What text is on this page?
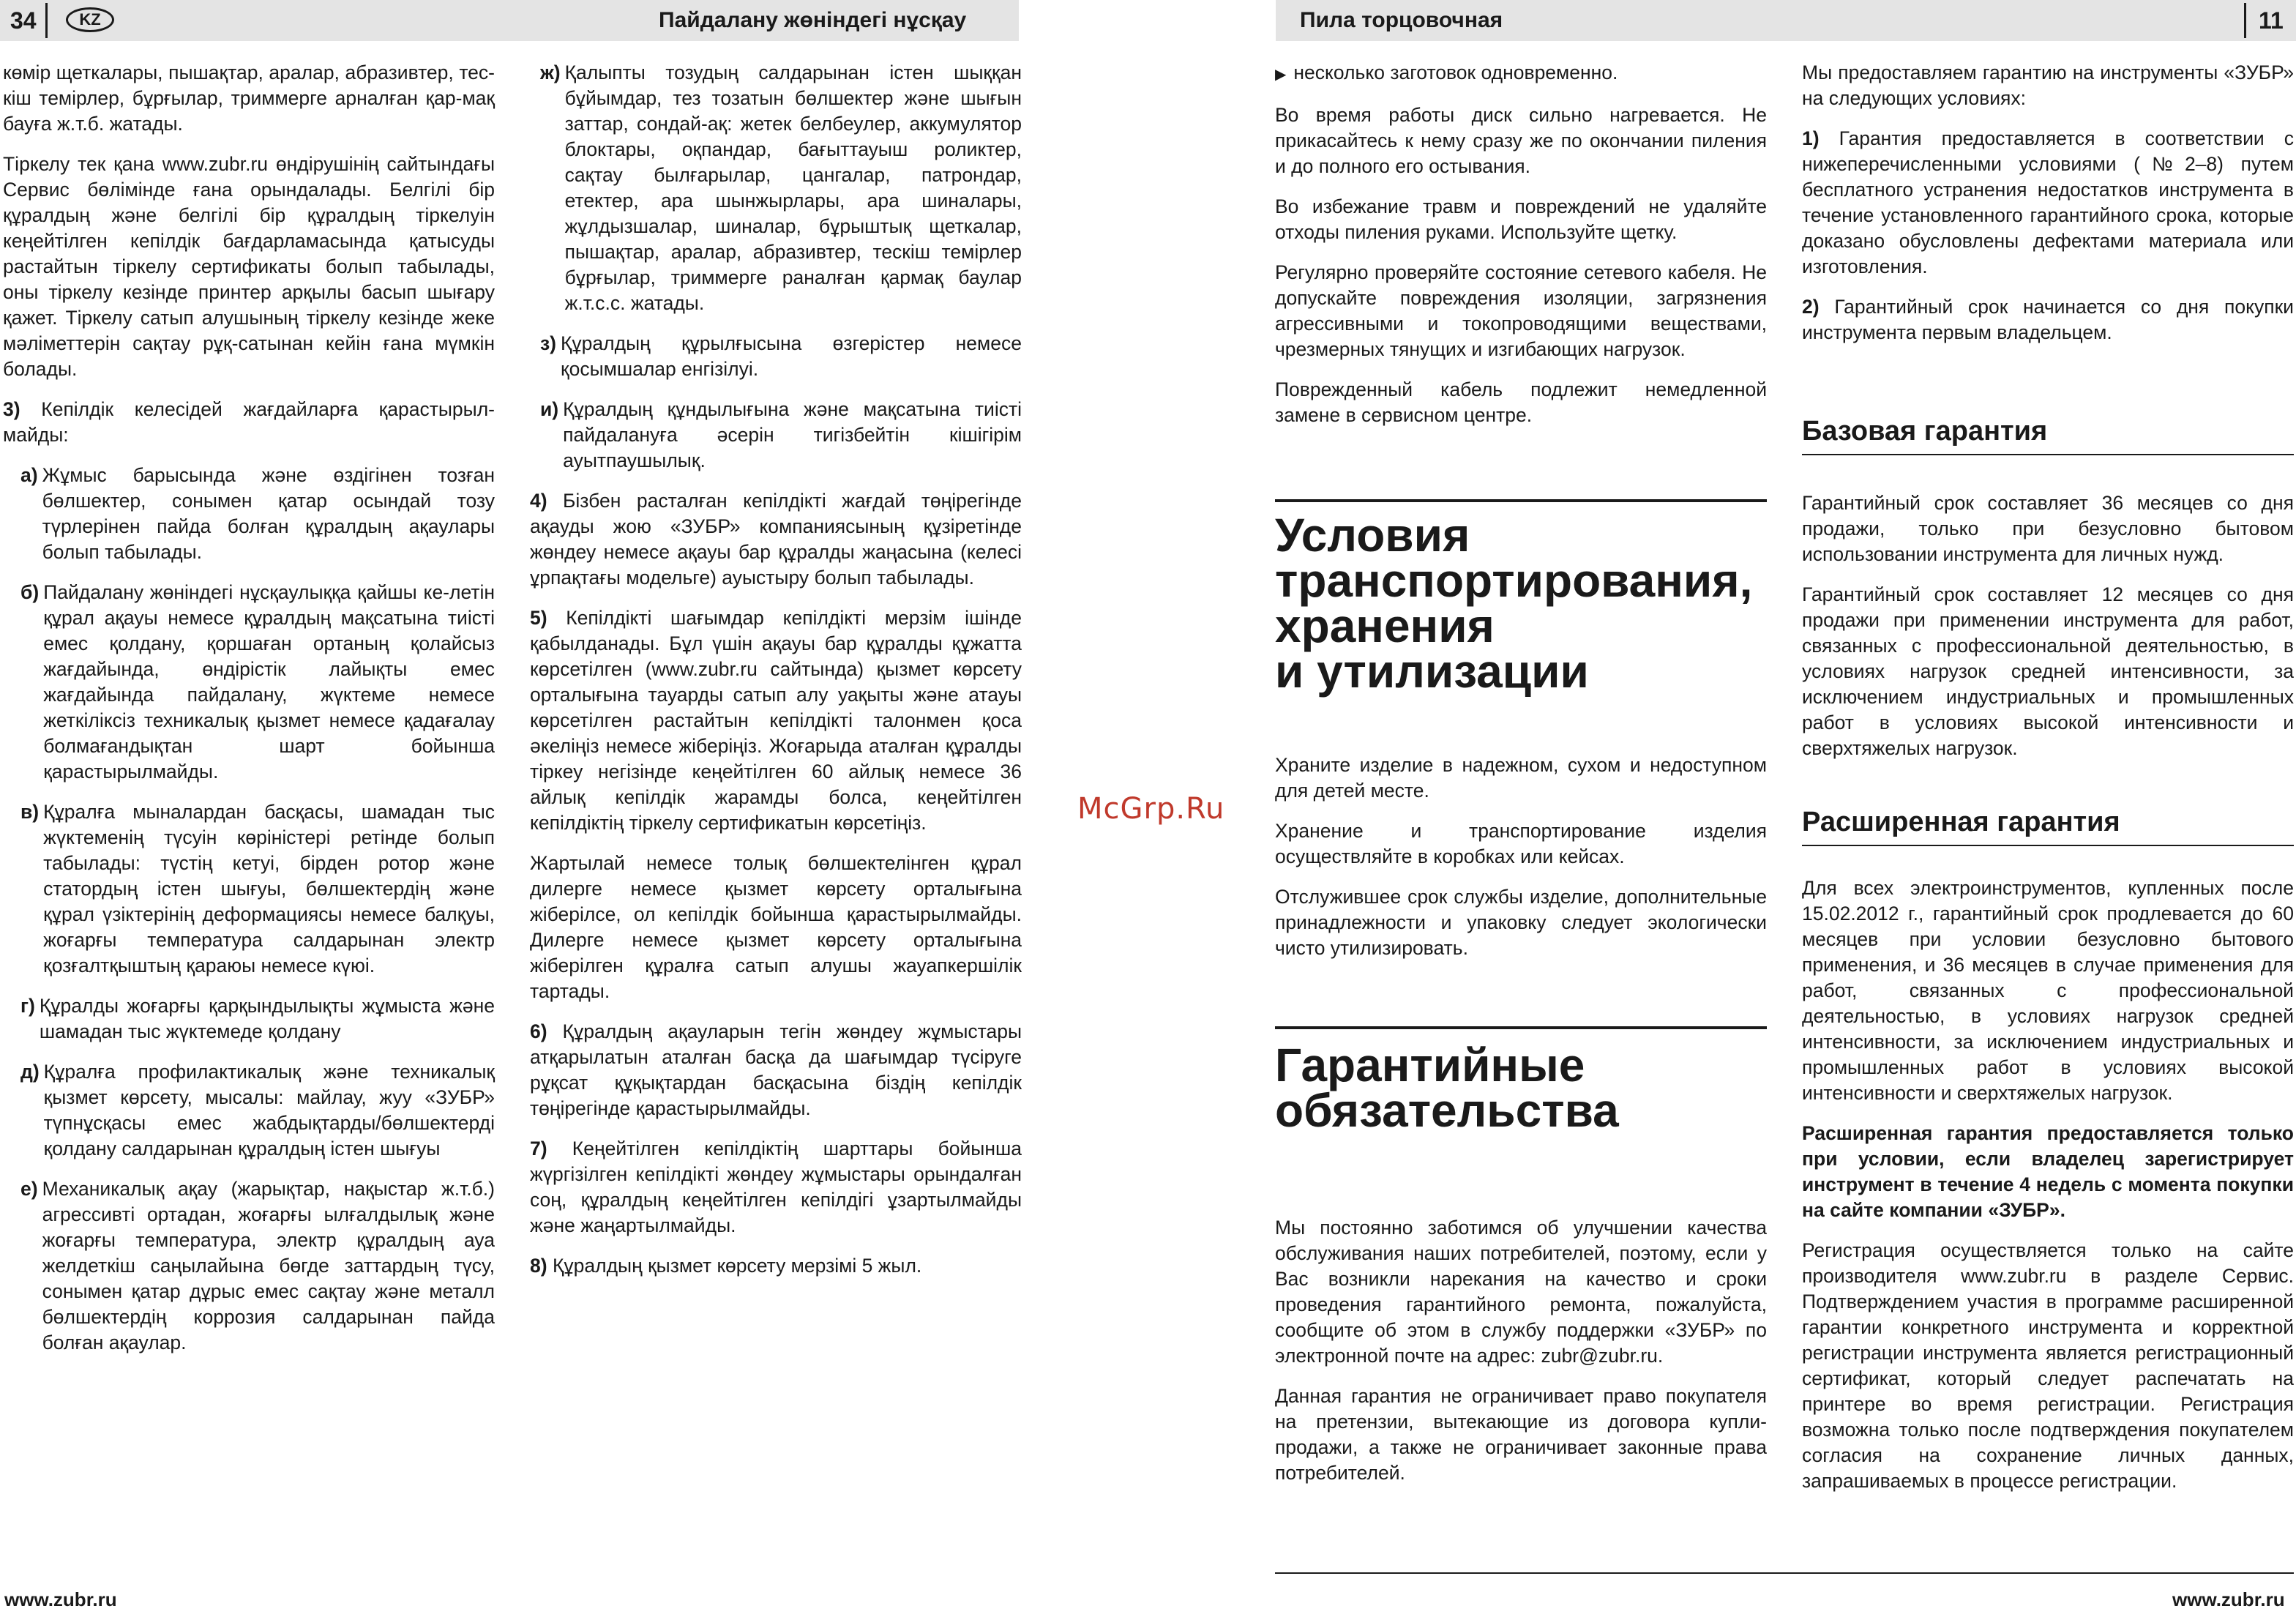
34	KZ	Пайдалану жөніндегі нұсқау

көмір щеткалары, пышақтар, аралар, абразивтер, тес-кіш темірлер, бұрғылар, триммерге арналған қар-мақ бауға ж.т.б. жатады.

Тіркелу тек қана www.zubr.ru өндірушінің сайтындағы Сервис бөлімінде ғана орындалады. Белгілі бір құралдың және белгілі бір құралдың тіркелуін кеңейтілген кепілдік бағдарламасында қатысуды растайтын тіркелу сертификаты болып табылады, оны тіркелу кезінде принтер арқылы басып шығару қажет. Тіркелу сатып алушының тіркелу кезінде жеке мәліметтерін сақтау рұқ-сатынан кейін ғана мүмкін болады.

3) Кепілдік келесідей жағдайларға қарастырыл-майды:

а) Жұмыс барысында және өздігінен тозған бөлшектер, сонымен қатар осындай тозу түрлерінен пайда болған құралдың ақаулары болып табылады.
б) Пайдалану жөніндегі нұсқаулыққа қайшы ке-летін құрал ақауы немесе құралдың мақсатына тиісті емес қолдану, қоршаған ортаның қолайсыз жағдайында, өндірістік лайықты емес жағдайында пайдалану, жүктеме немесе жеткіліксіз техникалық қызмет немесе қадағалау болмағандықтан шарт бойынша қарастырылмайды.
в) Құралға мыналардан басқасы, шамадан тыс жүктеменің түсуін көріністері ретінде болып табылады: түстің кетуі, бірден ротор және статордың істен шығуы, бөлшектердің және құрал үзіктерінің деформациясы немесе балқуы, жоғарғы температура салдарынан электр қозғалтқыштың қараюы немесе күюі.
г) Құралды жоғарғы қарқындылықты жұмыста және шамадан тыс жүктемеде қолдану
д) Құралға профилактикалық және техникалық қызмет көрсету, мысалы: майлау, жуу «ЗУБР» түпнұсқасы емес жабдықтарды/бөлшектерді қолдану салдарынан құралдың істен шығуы
е) Механикалық ақау (жарықтар, нақыстар ж.т.б.) агрессивті ортадан, жоғарғы ылғалдылық және жоғарғы температура, электр құралдың ауа желдеткіш саңылайына бөгде заттардың түсу, сонымен қатар дұрыс емес сақтау және металл бөлшектердің коррозия салдарынан пайда болған ақаулар.
ж) Қалыпты тозудың салдарынан істен шыққан бұйымдар, тез тозатын бөлшектер және шығын заттар, сондай-ақ: жетек белбеулер, аккумулятор блоктары, оқпандар, бағыттауыш роликтер, сақтау былғарылар, цангалар, патрондар, етектер, ара шынжырлары, ара шиналары, жұлдызшалар, шиналар, бұрыштық щеткалар, пышақтар, аралар, абразивтер, тескіш темірлер бұрғылар, триммерге раналған қармақ баулар ж.т.с.с. жатады.
з) Құралдың құрылғысына өзгерістер немесе қосымшалар енгізілуі.
и) Құралдың құндылығына және мақсатына тиісті пайдалануға әсерін тигізбейтін кішігірім ауытпаушылық.

4) Бізбен расталған кепілдікті жағдай төңірегінде ақауды жою «ЗУБР» компаниясының құзіретінде жөндеу немесе ақауы бар құралды жаңасына (келесі ұрпақтағы модельге) ауыстыру болып табылады.

5) Кепілдікті шағымдар кепілдікті мерзім ішінде қабылданады. Бұл үшін ақауы бар құралды құжатта көрсетілген (www.zubr.ru сайтында) қызмет көрсету орталығына тауарды сатып алу уақыты және атауы көрсетілген растайтын кепілдікті талонмен қоса әкеліңіз немесе жіберіңіз. Жоғарыда аталған құралды тіркеу негізінде кеңейтілген 60 айлық немесе 36 айлық кепілдік жарамды болса, кеңейтілген кепілдіктің тіркелу сертификатын көрсетіңіз.

Жартылай немесе толық бөлшектелінген құрал дилерге немесе қызмет көрсету орталығына жіберілсе, ол кепілдік бойынша қарастырылмайды. Дилерге немесе қызмет көрсету орталығына жіберілген құралға сатып алушы жауапкершілік тартады.

6) Құралдың ақауларын тегін жөндеу жұмыстары атқарылатын аталған басқа да шағымдар түсіруге рұқсат құқықтардан басқасына біздің кепілдік төңірегінде қарастырылмайды.

7) Кеңейтілген кепілдіктің шарттары бойынша жүргізілген кепілдікті жөндеу жұмыстары орындалған соң, құралдың кеңейтілген кепілдігі ұзартылмайды және жаңартылмайды.

8) Құралдың қызмет көрсету мерзімі 5 жыл.

www.zubr.ru
McGrp.Ru
Пила торцовочная	11

▶ несколько заготовок одновременно.

Во время работы диск сильно нагревается. Не прикасайтесь к нему сразу же по окончании пиления и до полного его остывания.

Во избежание травм и повреждений не удаляйте отходы пиления руками. Используйте щетку.

Регулярно проверяйте состояние сетевого кабеля. Не допускайте повреждения изоляции, загрязнения агрессивными и токопроводящими веществами, чрезмерных тянущих и изгибающих нагрузок.

Поврежденный кабель подлежит немедленной замене в сервисном центре.

Условия
транспортирования,
хранения
и утилизации

Храните изделие в надежном, сухом и недоступном для детей месте.

Хранение и транспортирование изделия осуществляйте в коробках или кейсах.

Отслужившее срок службы изделие, дополнительные принадлежности и упаковку следует экологически чисто утилизировать.

Гарантийные
обязательства

Мы постоянно заботимся об улучшении качества обслуживания наших потребителей, поэтому, если у Вас возникли нарекания на качество и сроки проведения гарантийного ремонта, пожалуйста, сообщите об этом в службу поддержки «ЗУБР» по электронной почте на адрес: zubr@zubr.ru.

Данная гарантия не ограничивает право покупателя на претензии, вытекающие из договора купли-продажи, а также не ограничивает законные права потребителей.

Мы предоставляем гарантию на инструменты «ЗУБР» на следующих условиях:

1) Гарантия предоставляется в соответствии с нижеперечисленными условиями (№2–8) путем бесплатного устранения недостатков инструмента в течение установленного гарантийного срока, которые доказано обусловлены дефектами материала или изготовления.

2) Гарантийный срок начинается со дня покупки инструмента первым владельцем.

Базовая гарантия

Гарантийный срок составляет 36 месяцев со дня продажи, только при безусловно бытовом использовании инструмента для личных нужд.

Гарантийный срок составляет 12 месяцев со дня продажи при применении инструмента для работ, связанных с профессиональной деятельностью, в условиях нагрузок средней интенсивности, за исключением индустриальных и промышленных работ в условиях высокой интенсивности и сверхтяжелых нагрузок.

Расширенная гарантия

Для всех электроинструментов, купленных после 15.02.2012 г., гарантийный срок продлевается до 60 месяцев при условии безусловно бытового применения, и 36 месяцев в случае применения для работ, связанных с профессиональной деятельностью, в условиях нагрузок средней интенсивности, за исключением индустриальных и промышленных работ в условиях высокой интенсивности и сверхтяжелых нагрузок.

Расширенная гарантия предоставляется только при условии, если владелец зарегистрирует инструмент в течение 4 недель с момента покупки на сайте компании «ЗУБР».

Регистрация осуществляется только на сайте производителя www.zubr.ru в разделе Сервис. Подтверждением участия в программе расширенной гарантии конкретного инструмента и корректной регистрации инструмента является регистрационный сертификат, который следует распечатать на принтере во время регистрации. Регистрация возможна только после подтверждения покупателем согласия на сохранение личных данных, запрашиваемых в процессе регистрации.

www.zubr.ru
